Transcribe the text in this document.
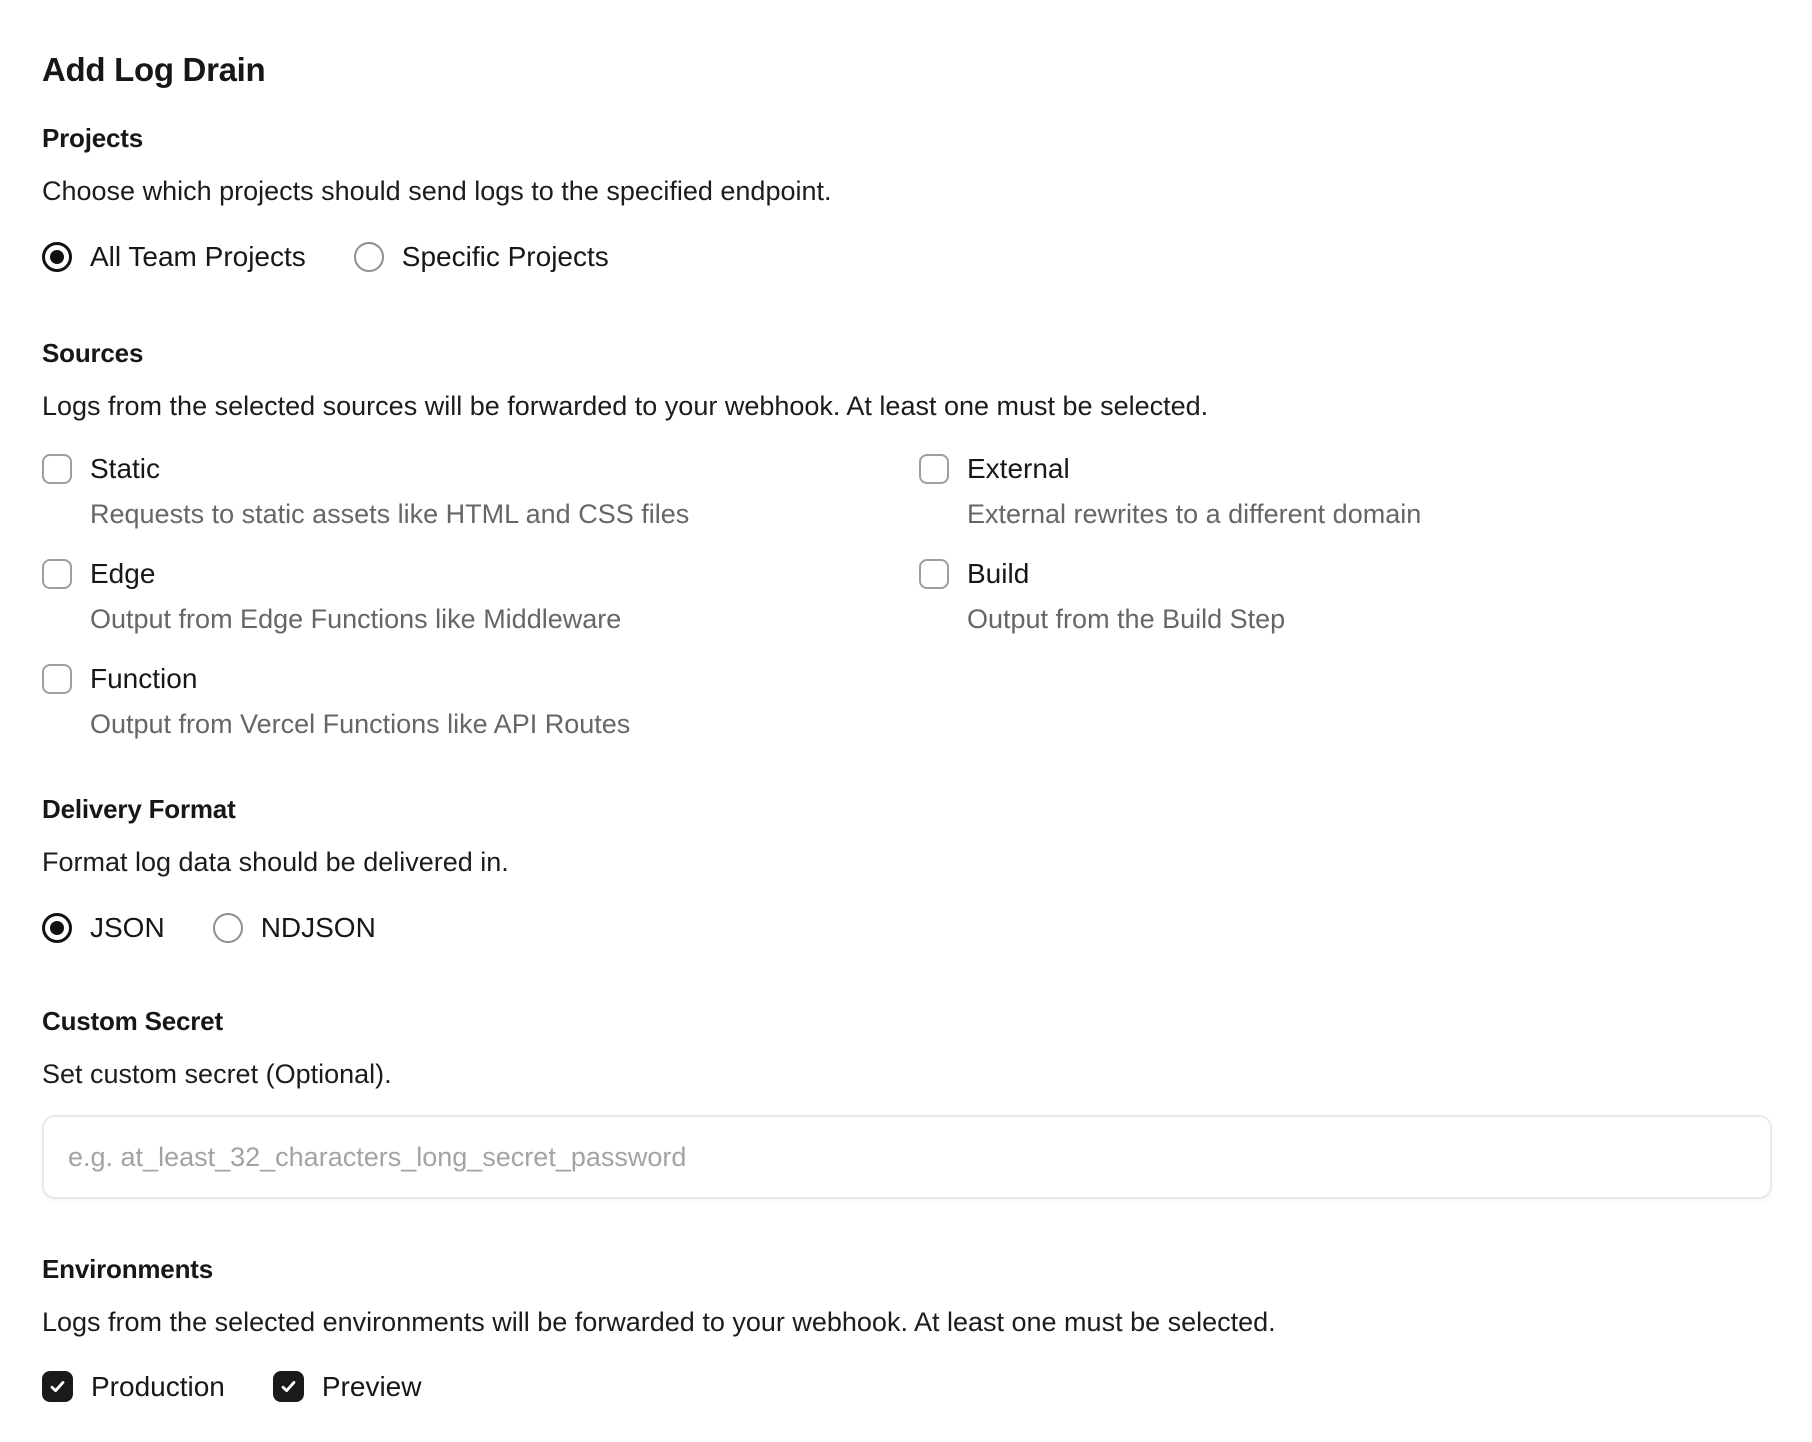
Add Log Drain
Projects

Choose which projects should send logs to the specified endpoint.

All Team Projects	Specific Projects
Sources

Logs from the selected sources will be forwarded to your webhook. At least one must be selected.

Static
Requests to static assets like HTML and CSS files
External
External rewrites to a different domain
Edge
Output from Edge Functions like Middleware
Build
Output from the Build Step
Function
Output from Vercel Functions like API Routes
Delivery Format

Format log data should be delivered in.

JSON	NDJSON
Custom Secret

Set custom secret (Optional).

e.g. at_least_32_characters_long_secret_password
Environments

Logs from the selected environments will be forwarded to your webhook. At least one must be selected.

Production	Preview
